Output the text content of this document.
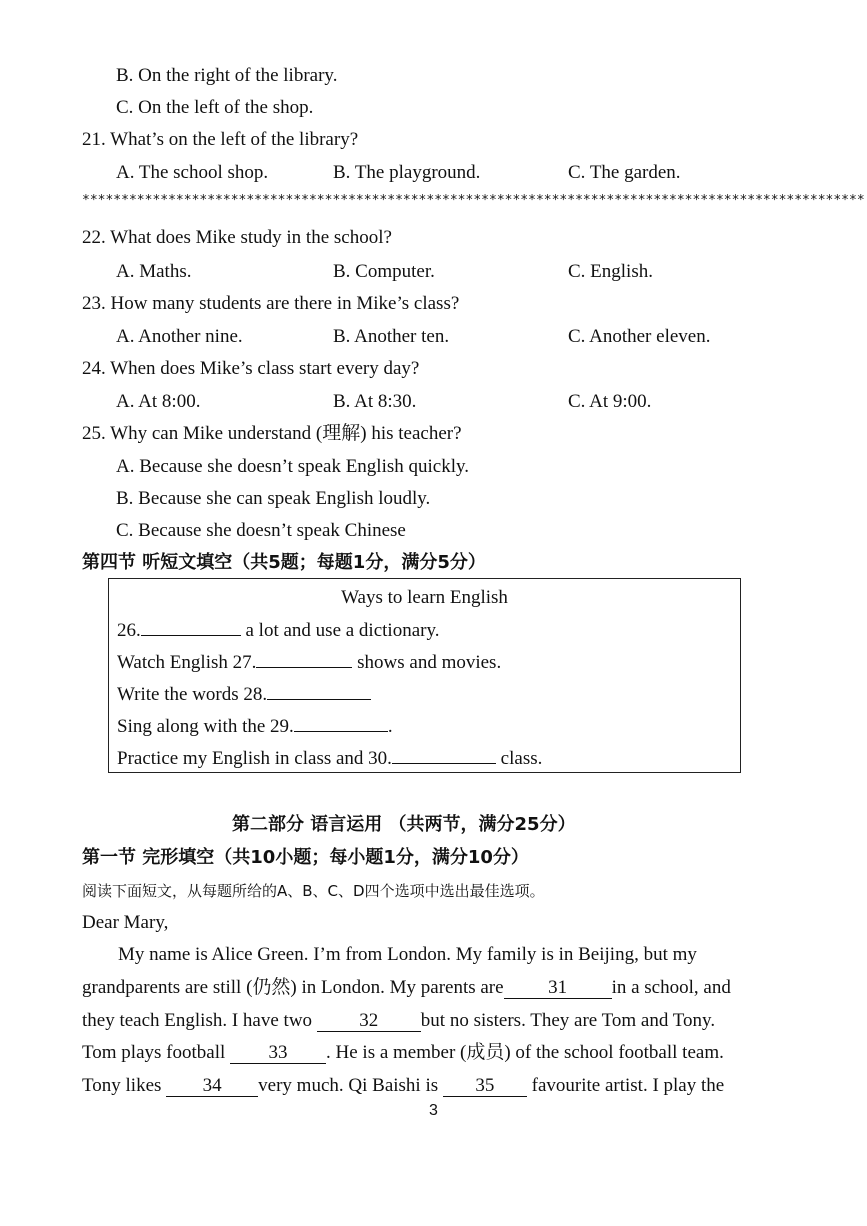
B. On the right of the library.
C. On the left of the shop.
21. What’s on the left of the library?
A. The school shop.	B. The playground.	C. The garden.
****************************************************************************************************
22. What does Mike study in the school?
A. Maths.	B. Computer.	C. English.
23. How many students are there in Mike’s class?
A. Another nine.	B. Another ten.	C. Another eleven.
24. When does Mike’s class start every day?
A. At 8:00.	B. At 8:30.	C. At 9:00.
25. Why can Mike understand (理解) his teacher?
A. Because she doesn’t speak English quickly.
B. Because she can speak English loudly.
C. Because she doesn’t speak Chinese
第四节 听短文填空（共5题；每题1分，满分5分）
Ways to learn English
26.	a lot and use a dictionary.
Watch English 27.	shows and movies.
Write the words 28.
Sing along with the 29.	.
Practice my English in class and 30.	class.
第二部分 语言运用 （共两节，满分25分）
第一节 完形填空（共10小题；每小题1分，满分10分）
阅读下面短文，从每题所给的A、B、C、D四个选项中选出最佳选项。
Dear Mary,
My name is Alice Green. I’m from London. My family is in Beijing, but my
grandparents are still (仍然) in London. My parents are 31 in a school, and
they teach English. I have two 32 but no sisters. They are Tom and Tony.
Tom plays football 33 . He is a member (成员) of the school football team.
Tony likes 34 very much. Qi Baishi is 35 favourite artist. I play the
3
